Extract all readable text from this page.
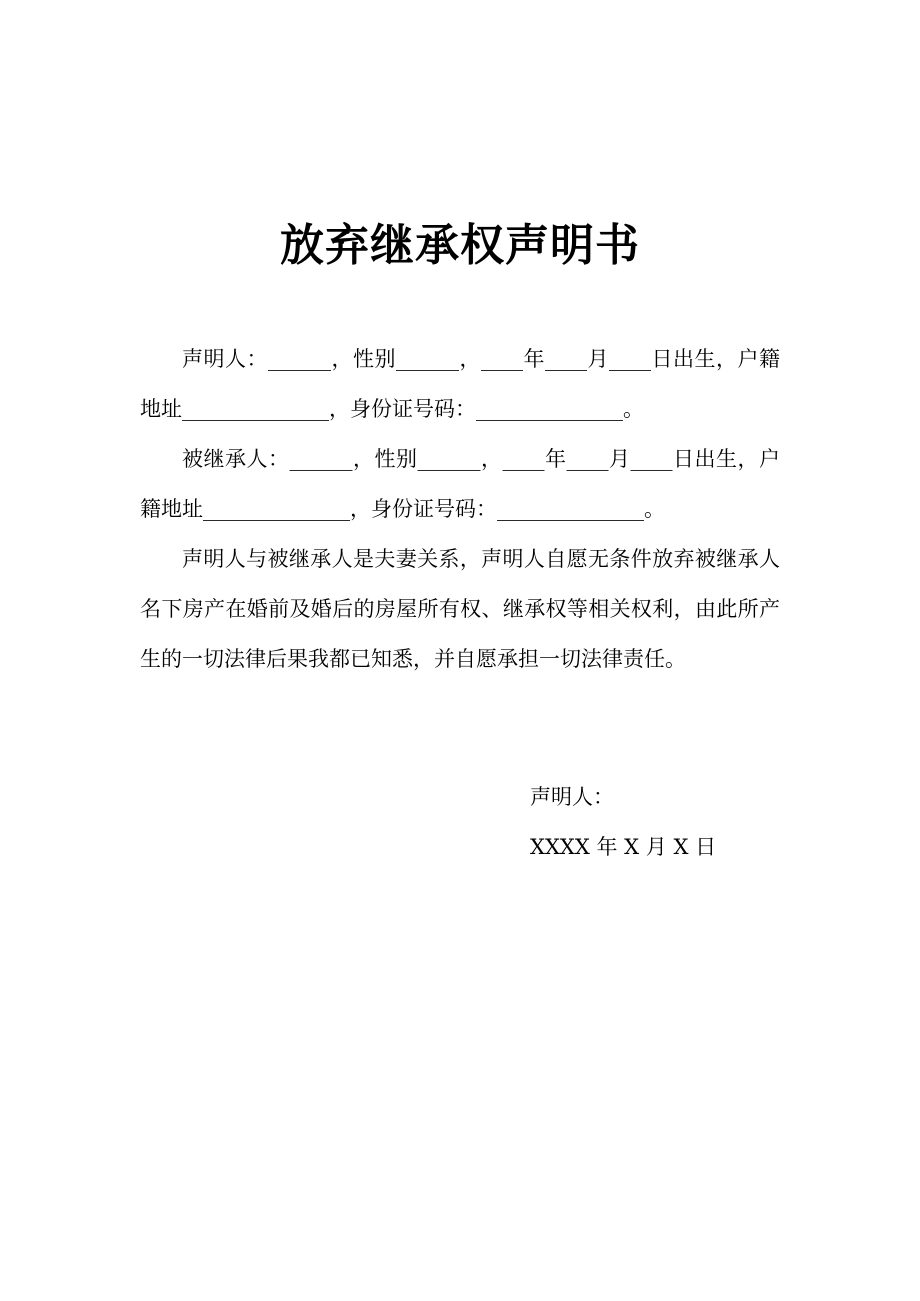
放弃继承权声明书

声明人：______，性别______，____年____月____日出生，户籍地址______________，身份证号码：______________。

被继承人：______，性别______，____年____月____日出生，户籍地址______________，身份证号码：______________。

声明人与被继承人是夫妻关系，声明人自愿无条件放弃被继承人名下房产在婚前及婚后的房屋所有权、继承权等相关权利，由此所产生的一切法律后果我都已知悉，并自愿承担一切法律责任。

声明人：
XXXX 年 X 月 X 日
